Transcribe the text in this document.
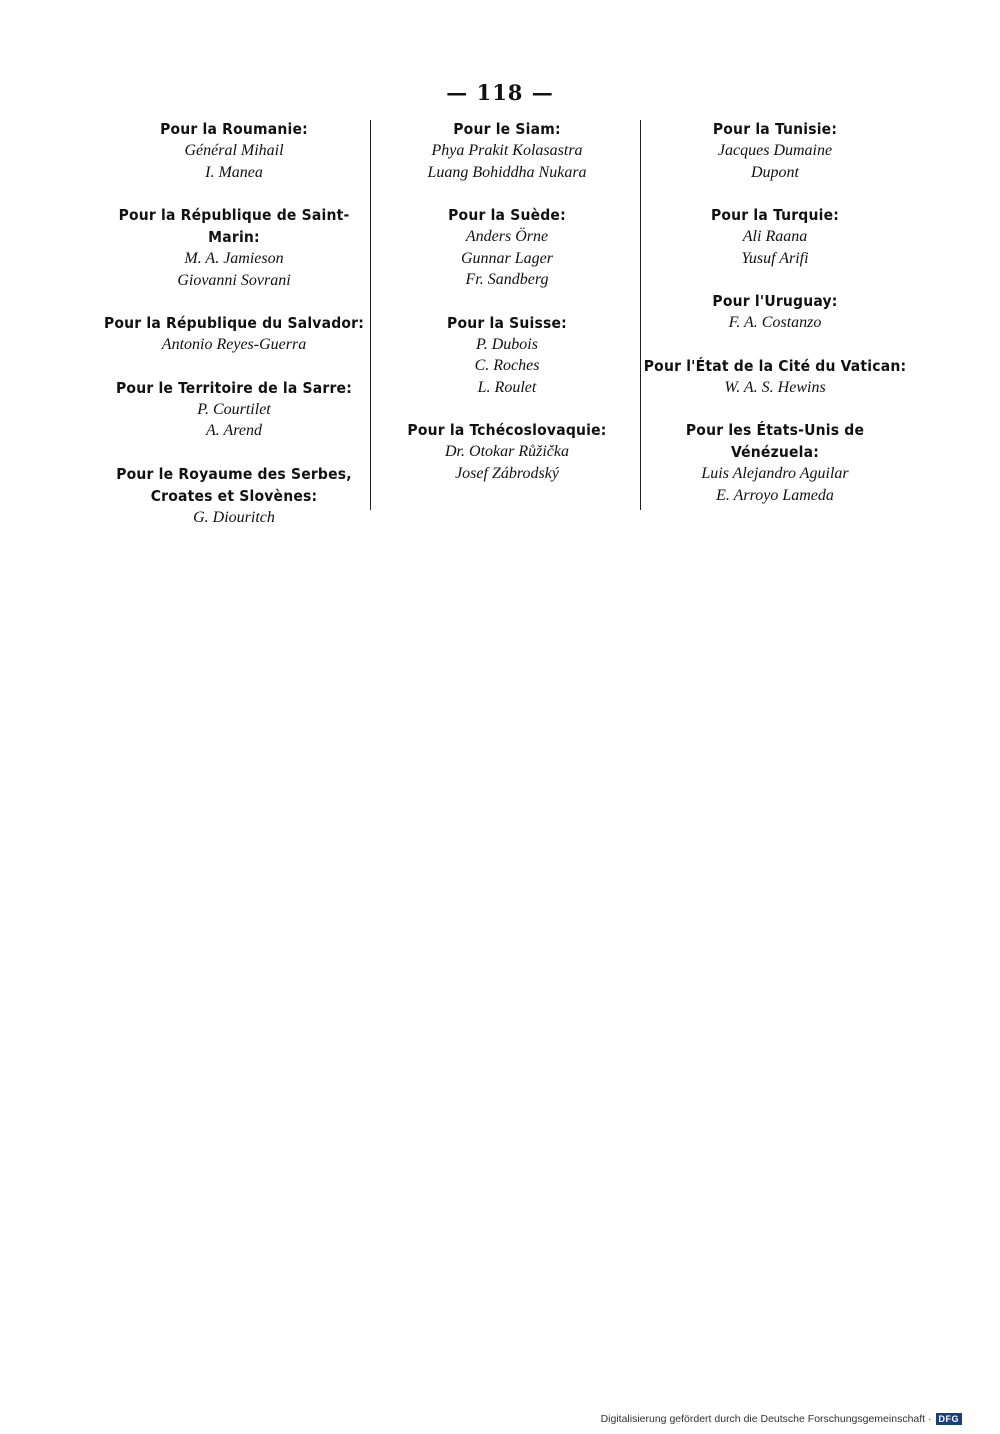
— 118 —
Pour la Roumanie:
Général Mihail
I. Manea
Pour la République de Saint-Marin:
M. A. Jamieson
Giovanni Sovrani
Pour la République du Salvador:
Antonio Reyes-Guerra
Pour le Territoire de la Sarre:
P. Courtilet
A. Arend
Pour le Royaume des Serbes,
Croates et Slovènes:
G. Diouritch
Pour le Siam:
Phya Prakit Kolasastra
Luang Bohiddha Nukara
Pour la Suède:
Anders Örne
Gunnar Lager
Fr. Sandberg
Pour la Suisse:
P. Dubois
C. Roches
L. Roulet
Pour la Tchécoslovaquie:
Dr. Otokar Růžička
Josef Zábrodský
Pour la Tunisie:
Jacques Dumaine
Dupont
Pour la Turquie:
Ali Raana
Yusuf Arifi
Pour l'Uruguay:
F. A. Costanzo
Pour l'État de la Cité du Vatican:
W. A. S. Hewins
Pour les États-Unis de Vénézuela:
Luis Alejandro Aguilar
E. Arroyo Lameda
Digitalisierung gefördert durch die Deutsche Forschungsgemeinschaft · DFG
